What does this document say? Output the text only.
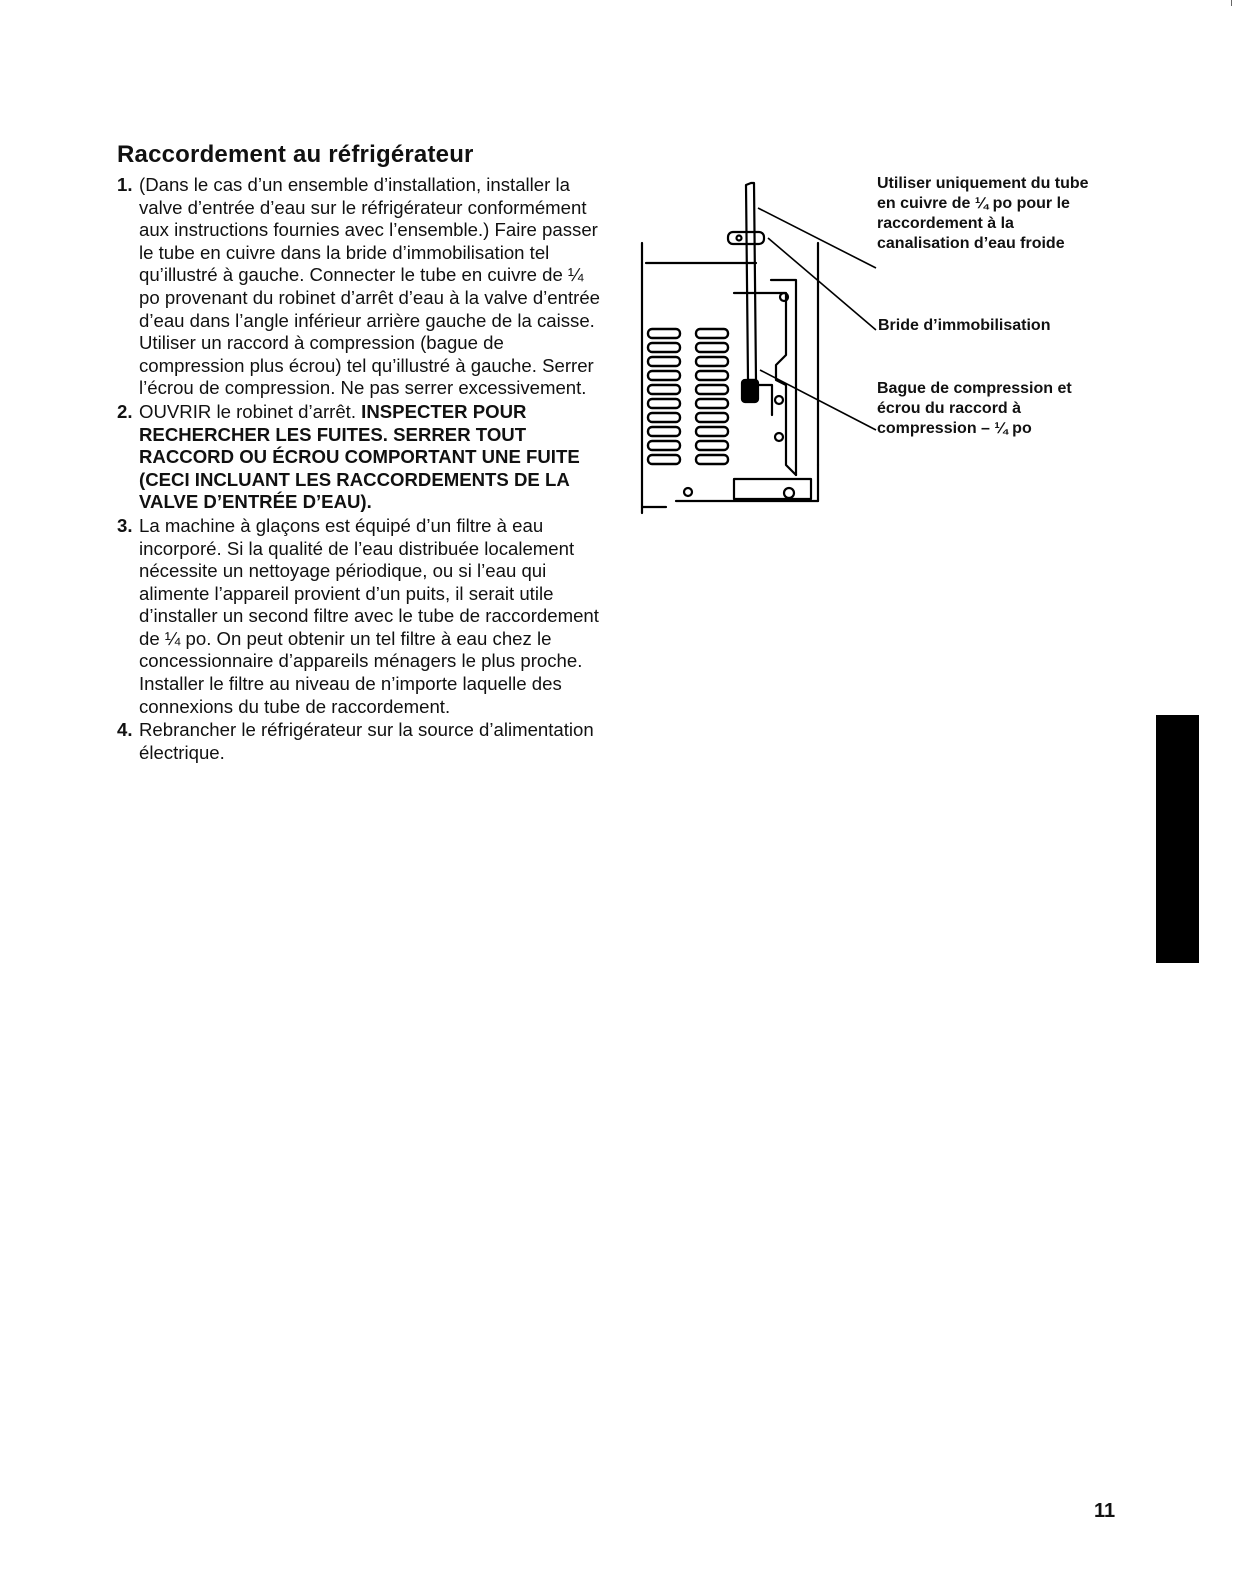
Raccordement au réfrigérateur
1. (Dans le cas d’un ensemble d’installation, installer la valve d’entrée d’eau sur le réfrigérateur conformément aux instructions fournies avec l’ensemble.) Faire passer le tube en cuivre dans la bride d’immobilisation tel qu’illustré à gauche. Connecter le tube en cuivre de ¼ po provenant du robinet d’arrêt d’eau à la valve d’entrée d’eau dans l’angle inférieur arrière gauche de la caisse. Utiliser un raccord à compression (bague de compression plus écrou) tel qu’illustré à gauche. Serrer l’écrou de compression. Ne pas serrer excessivement.
2. OUVRIR le robinet d’arrêt. INSPECTER POUR RECHERCHER LES FUITES. SERRER TOUT RACCORD OU ÉCROU COMPORTANT UNE FUITE (CECI INCLUANT LES RACCORDEMENTS DE LA VALVE D’ENTRÉE D’EAU).
3. La machine à glaçons est équipé d’un filtre à eau incorporé. Si la qualité de l’eau distribuée localement nécessite un nettoyage périodique, ou si l’eau qui alimente l’appareil provient d’un puits, il serait utile d’installer un second filtre avec le tube de raccordement de ¼ po. On peut obtenir un tel filtre à eau chez le concessionnaire d’appareils ménagers le plus proche. Installer le filtre au niveau de n’importe laquelle des connexions du tube de raccordement.
4. Rebrancher le réfrigérateur sur la source d’alimentation électrique.

Utiliser uniquement du tube en cuivre de ¼ po pour le raccordement à la canalisation d’eau froide

Bride d’immobilisation

Bague de compression et écrou du raccord à compression – ¼ po

11
